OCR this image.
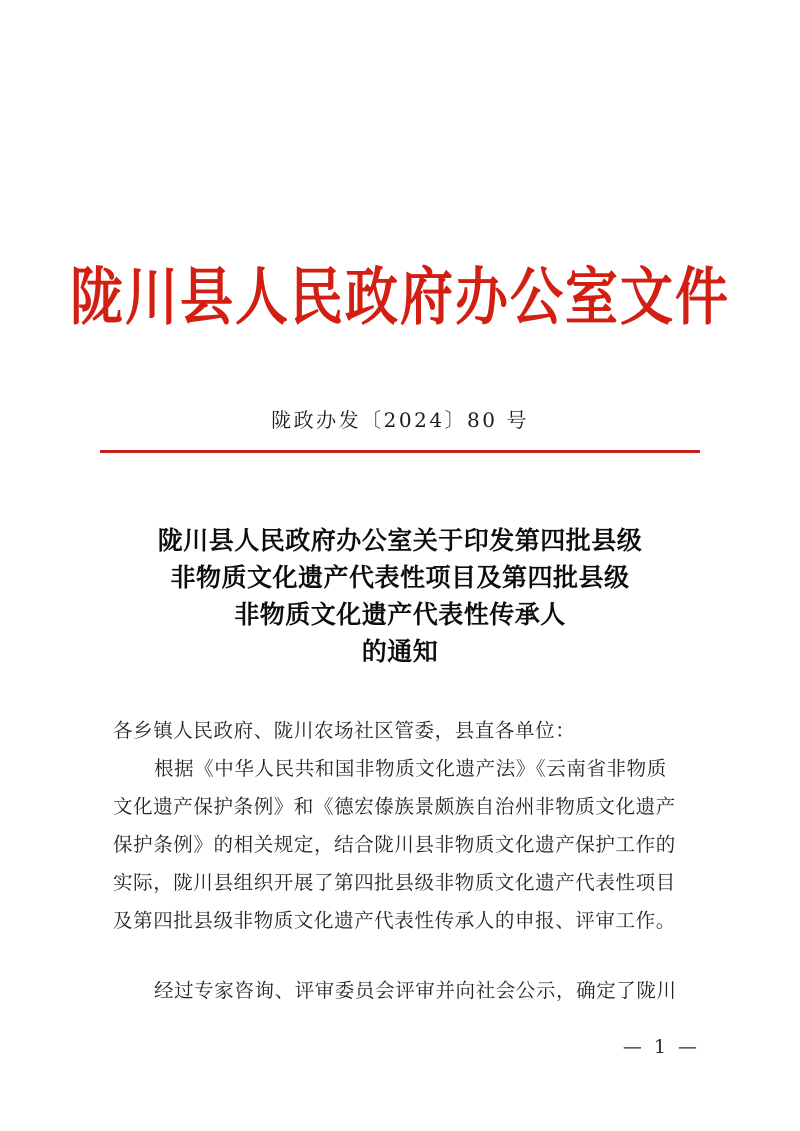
陇川县人民政府办公室文件
陇政办发〔2024〕80 号
陇川县人民政府办公室关于印发第四批县级
非物质文化遗产代表性项目及第四批县级
非物质文化遗产代表性传承人
的通知
各乡镇人民政府、陇川农场社区管委，县直各单位：
根据《中华人民共和国非物质文化遗产法》《云南省非物质
文化遗产保护条例》和《德宏傣族景颇族自治州非物质文化遗产
保护条例》的相关规定，结合陇川县非物质文化遗产保护工作的
实际，陇川县组织开展了第四批县级非物质文化遗产代表性项目
及第四批县级非物质文化遗产代表性传承人的申报、评审工作。
经过专家咨询、评审委员会评审并向社会公示，确定了陇川
— 1 —
